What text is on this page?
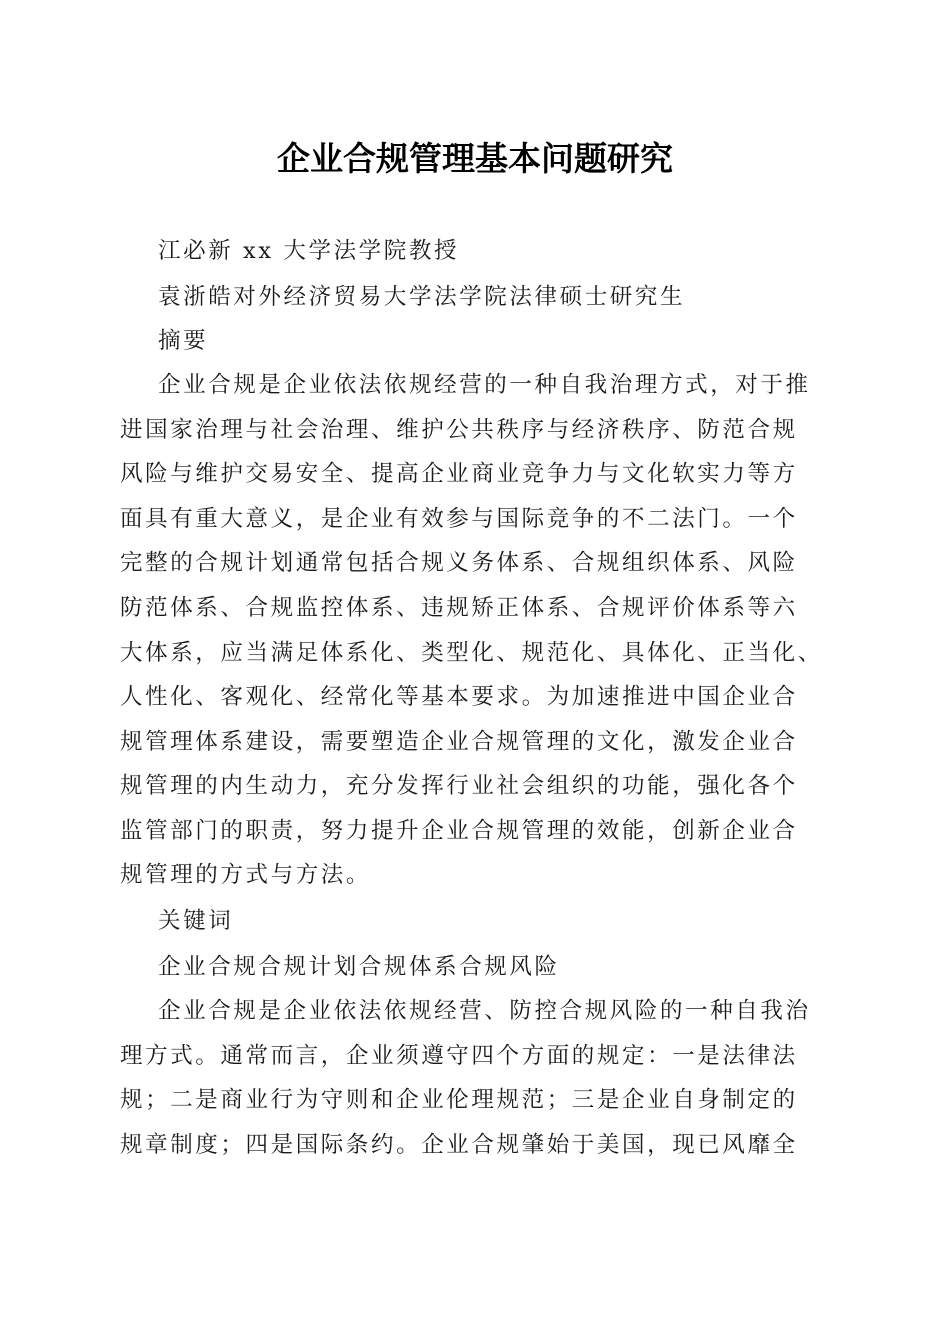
企业合规管理基本问题研究
江必新 xx 大学法学院教授
袁浙皓对外经济贸易大学法学院法律硕士研究生
摘要
企业合规是企业依法依规经营的一种自我治理方式，对于推
进国家治理与社会治理、维护公共秩序与经济秩序、防范合规
风险与维护交易安全、提高企业商业竞争力与文化软实力等方
面具有重大意义，是企业有效参与国际竞争的不二法门。一个
完整的合规计划通常包括合规义务体系、合规组织体系、风险
防范体系、合规监控体系、违规矫正体系、合规评价体系等六
大体系，应当满足体系化、类型化、规范化、具体化、正当化、
人性化、客观化、经常化等基本要求。为加速推进中国企业合
规管理体系建设，需要塑造企业合规管理的文化，激发企业合
规管理的内生动力，充分发挥行业社会组织的功能，强化各个
监管部门的职责，努力提升企业合规管理的效能，创新企业合
规管理的方式与方法。
关键词
企业合规合规计划合规体系合规风险
企业合规是企业依法依规经营、防控合规风险的一种自我治
理方式。通常而言，企业须遵守四个方面的规定：一是法律法
规；二是商业行为守则和企业伦理规范；三是企业自身制定的
规章制度；四是国际条约。企业合规肇始于美国，现已风靡全
